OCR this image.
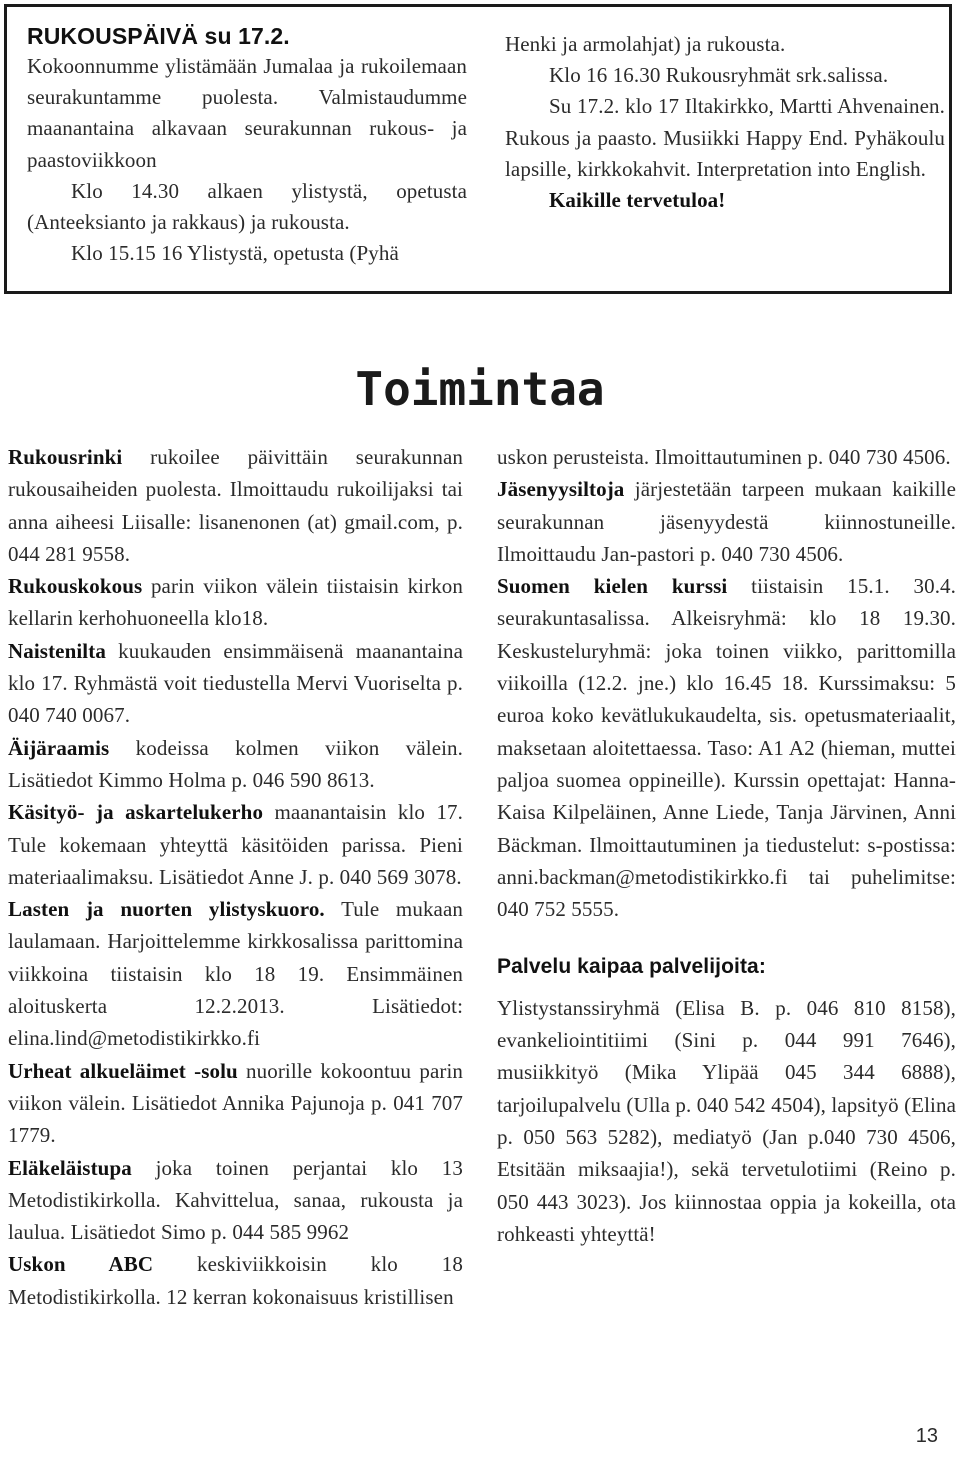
RUKOUSPÄIVÄ su 17.2.

Kokoonnumme ylistämään Jumalaa ja rukoilemaan seurakuntamme puolesta. Valmistaudumme maanantaina alkavaan seurakunnan rukous- ja paastoviikkoon

Klo 14.30 alkaen ylistystä, opetusta (Anteeksianto ja rakkaus) ja rukousta.

Klo 15.15 16 Ylistystä, opetusta (Pyhä

Henki ja armolahjat) ja rukousta.

Klo 16 16.30 Rukousryhmät srk.salissa.

Su 17.2. klo 17 Iltakirkko, Martti Ahvenainen. Rukous ja paasto. Musiikki Happy End. Pyhäkoulu lapsille, kirkkokahvit. Interpretation into English.

Kaikille tervetuloa!

Toimintaa

Rukousrinki rukoilee päivittäin seurakunnan rukousaiheiden puolesta. Ilmoittaudu rukoilijaksi tai anna aiheesi Liisalle: lisanenonen (at) gmail.com, p. 044 281 9558.

Rukouskokous parin viikon välein tiistaisin kirkon kellarin kerhohuoneella klo18.

Naistenilta kuukauden ensimmäisenä maanantaina klo 17. Ryhmästä voit tiedustella Mervi Vuoriselta p. 040 740 0067.

Äijäraamis kodeissa kolmen viikon välein. Lisätiedot Kimmo Holma p. 046 590 8613.

Käsityö- ja askartelukerho maanantaisin klo 17. Tule kokemaan yhteyttä käsitöiden parissa. Pieni materiaalimaksu. Lisätiedot Anne J. p. 040 569 3078.

Lasten ja nuorten ylistyskuoro. Tule mukaan laulamaan. Harjoittelemme kirkkosalissa parittomina viikkoina tiistaisin klo 18 19. Ensimmäinen aloituskerta 12.2.2013. Lisätiedot: elina.lind@metodistikirkko.fi

Urheat alkueläimet -solu nuorille kokoontuu parin viikon välein. Lisätiedot Annika Pajunoja p. 041 707 1779.

Eläkeläistupa joka toinen perjantai klo 13 Metodistikirkolla. Kahvittelua, sanaa, rukousta ja laulua. Lisätiedot Simo p. 044 585 9962

Uskon ABC keskiviikkoisin klo 18 Metodistikirkolla. 12 kerran kokonaisuus kristillisen

uskon perusteista. Ilmoittautuminen p. 040 730 4506.

Jäsenyysiltoja järjestetään tarpeen mukaan kaikille seurakunnan jäsenyydestä kiinnostuneille. Ilmoittaudu Jan-pastori p. 040 730 4506.

Suomen kielen kurssi tiistaisin 15.1. 30.4. seurakuntasalissa. Alkeisryhmä: klo 18 19.30. Keskusteluryhmä: joka toinen viikko, parittomilla viikoilla (12.2. jne.) klo 16.45 18. Kurssimaksu: 5 euroa koko kevätlukukaudelta, sis. opetusmateriaalit, maksetaan aloitettaessa. Taso: A1 A2 (hieman, muttei paljoa suomea oppineille). Kurssin opettajat: Hanna-Kaisa Kilpeläinen, Anne Liede, Tanja Järvinen, Anni Bäckman. Ilmoittautuminen ja tiedustelut: s-postissa: anni.backman@metodistikirkko.fi tai puhelimitse: 040 752 5555.

Palvelu kaipaa palvelijoita:

Ylistystanssiryhmä (Elisa B. p. 046 810 8158), evankeliointitiimi (Sini p. 044 991 7646), musiikkityö (Mika Ylipää 045 344 6888), tarjoilupalvelu (Ulla p. 040 542 4504), lapsityö (Elina p. 050 563 5282), mediatyö (Jan p.040 730 4506, Etsitään miksaajia!), sekä tervetulotiimi (Reino p. 050 443 3023). Jos kiinnostaa oppia ja kokeilla, ota rohkeasti yhteyttä!

13
